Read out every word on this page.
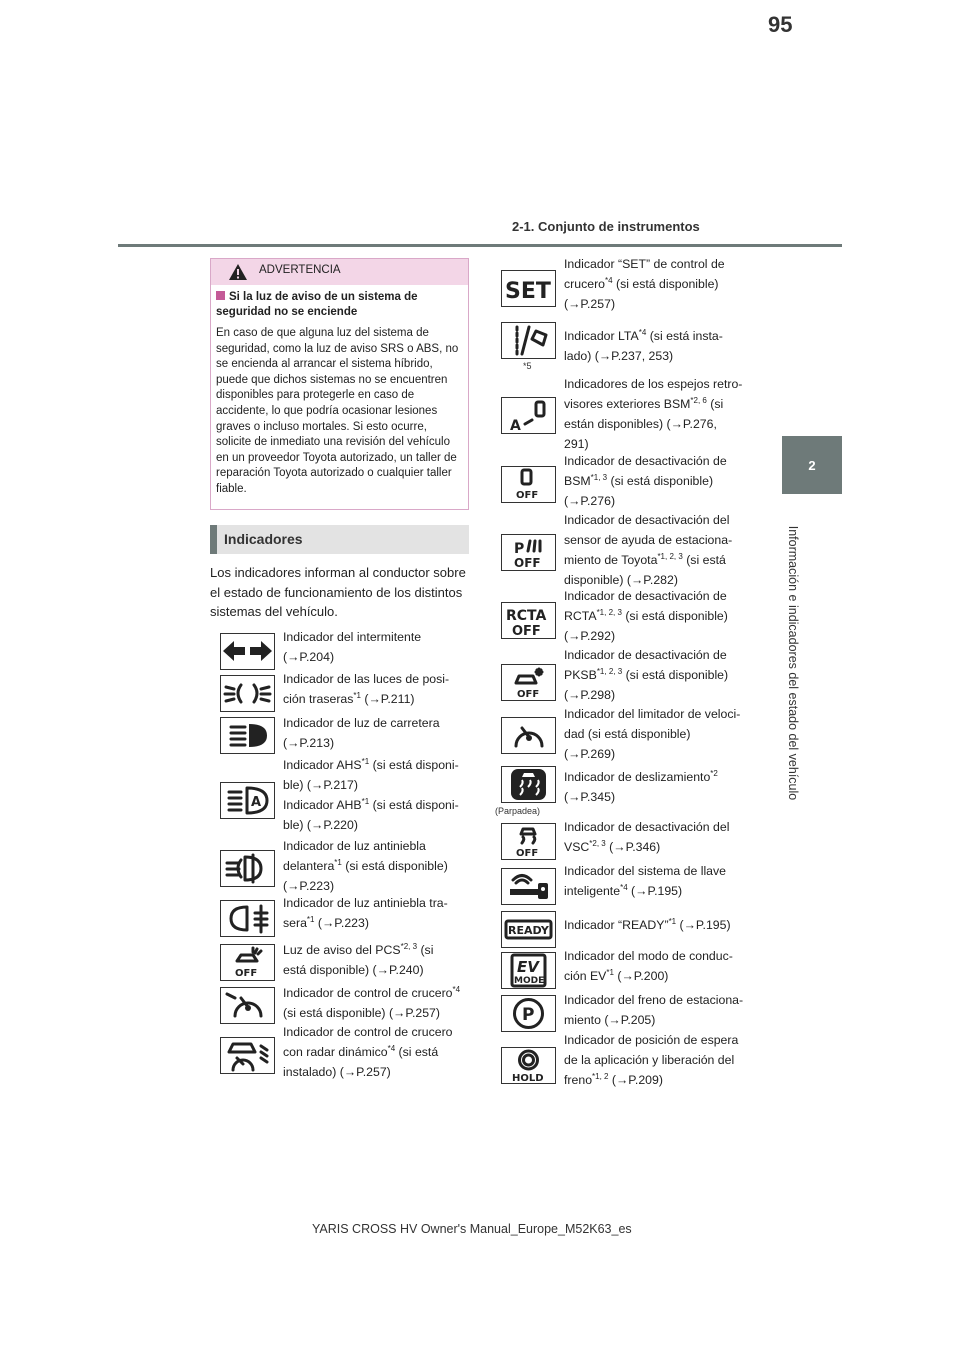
95
2-1. Conjunto de instrumentos
2
Información e indicadores del estado del vehículo
ADVERTENCIA
Si la luz de aviso de un sistema de seguridad no se enciende
En caso de que alguna luz del sistema de seguridad, como la luz de aviso SRS o ABS, no se encienda al arrancar el sistema híbrido, puede que dichos sistemas no se encuentren disponibles para protegerle en caso de accidente, lo que podría ocasionar lesiones graves o incluso mortales. Si esto ocurre, solicite de inmediato una revisión del vehículo en un proveedor Toyota autorizado, un taller de reparación Toyota autorizado o cualquier taller fiable.
Indicadores
Los indicadores informan al conductor sobre el estado de funcionamiento de los distintos sistemas del vehículo.
A
OFF
Indicador del intermitente
(→P.204)
Indicador de las luces de posi-
ción traseras$^{*1}$ (→P.211)
Indicador de luz de carretera
(→P.213)
Indicador AHS$^{*1}$ (si está disponi-
ble) (→P.217)
Indicador AHB$^{*1}$ (si está disponi-
ble) (→P.220)
Indicador de luz antiniebla
delantera$^{*1}$ (si está disponible)
(→P.223)
Indicador de luz antiniebla tra-
sera$^{*1}$ (→P.223)
Luz de aviso del PCS$^{*2, 3}$ (si
está disponible) (→P.240)
Indicador de control de crucero$^{*4}$
(si está disponible) (→P.257)
Indicador de control de crucero
con radar dinámico$^{*4}$ (si está
instalado) (→P.257)
SET
*5
A
OFF
P
OFF
RCTA
OFF
OFF
(Parpadea)
OFF
READY
EV
MODE
P
HOLD
Indicador “SET” de control de
crucero$^{*4}$ (si está disponible)
(→P.257)
Indicador LTA$^{*4}$ (si está insta-
lado) (→P.237, 253)
Indicadores de los espejos retro-
visores exteriores BSM$^{*2, 6}$ (si
están disponibles) (→P.276,
291)
Indicador de desactivación de
BSM$^{*1, 3}$ (si está disponible)
(→P.276)
Indicador de desactivación del
sensor de ayuda de estaciona-
miento de Toyota$^{*1, 2, 3}$ (si está
disponible) (→P.282)
Indicador de desactivación de
RCTA$^{*1, 2, 3}$ (si está disponible)
(→P.292)
Indicador de desactivación de
PKSB$^{*1, 2, 3}$ (si está disponible)
(→P.298)
Indicador del limitador de veloci-
dad (si está disponible)
(→P.269)
Indicador de deslizamiento$^{*2}$
(→P.345)
Indicador de desactivación del
VSC$^{*2, 3}$ (→P.346)
Indicador del sistema de llave
inteligente$^{*4}$ (→P.195)
Indicador “READY”$^{*1}$ (→P.195)
Indicador del modo de conduc-
ción EV$^{*1}$ (→P.200)
Indicador del freno de estaciona-
miento (→P.205)
Indicador de posición de espera
de la aplicación y liberación del
freno$^{*1, 2}$ (→P.209)
YARIS CROSS HV Owner's Manual_Europe_M52K63_es
